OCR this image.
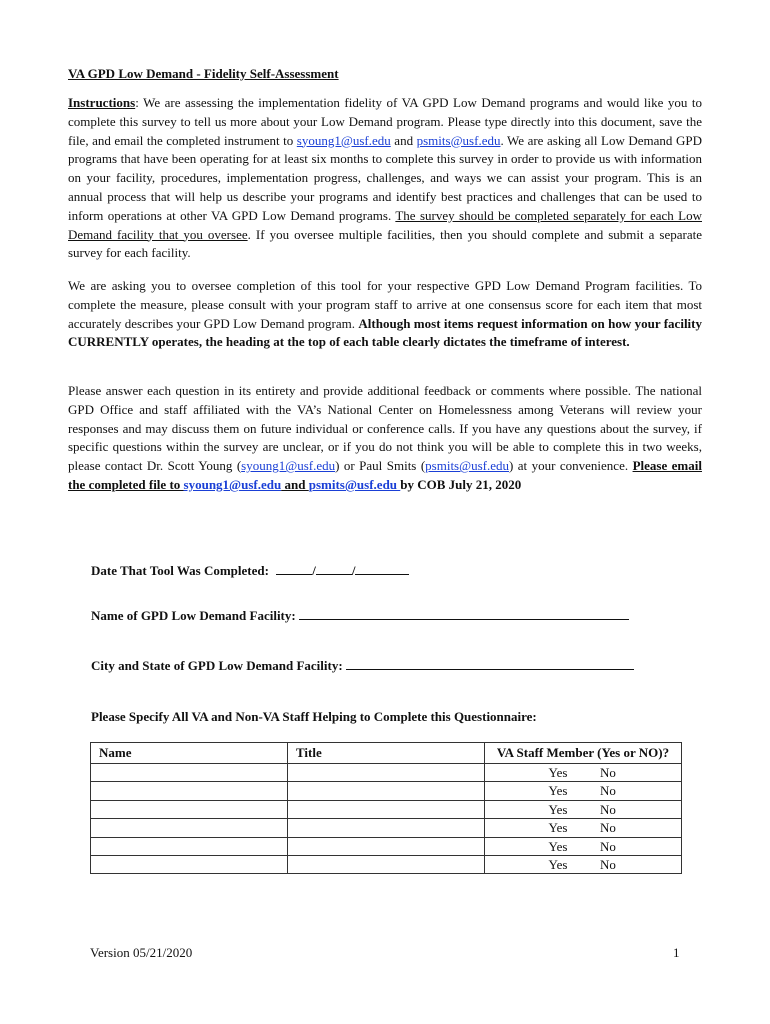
VA GPD Low Demand - Fidelity Self-Assessment
Instructions: We are assessing the implementation fidelity of VA GPD Low Demand programs and would like you to complete this survey to tell us more about your Low Demand program. Please type directly into this document, save the file, and email the completed instrument to syoung1@usf.edu and psmits@usf.edu. We are asking all Low Demand GPD programs that have been operating for at least six months to complete this survey in order to provide us with information on your facility, procedures, implementation progress, challenges, and ways we can assist your program. This is an annual process that will help us describe your programs and identify best practices and challenges that can be used to inform operations at other VA GPD Low Demand programs. The survey should be completed separately for each Low Demand facility that you oversee. If you oversee multiple facilities, then you should complete and submit a separate survey for each facility.
We are asking you to oversee completion of this tool for your respective GPD Low Demand Program facilities. To complete the measure, please consult with your program staff to arrive at one consensus score for each item that most accurately describes your GPD Low Demand program. Although most items request information on how your facility CURRENTLY operates, the heading at the top of each table clearly dictates the timeframe of interest.
Please answer each question in its entirety and provide additional feedback or comments where possible. The national GPD Office and staff affiliated with the VA’s National Center on Homelessness among Veterans will review your responses and may discuss them on future individual or conference calls. If you have any questions about the survey, if specific questions within the survey are unclear, or if you do not think you will be able to complete this in two weeks, please contact Dr. Scott Young (syoung1@usf.edu) or Paul Smits (psmits@usf.edu) at your convenience. Please email the completed file to syoung1@usf.edu and psmits@usf.edu by COB July 21, 2020
Date That Tool Was Completed:	/	/
Name of GPD Low Demand Facility:
City and State of GPD Low Demand Facility:
Please Specify All VA and Non-VA Staff Helping to Complete this Questionnaire:
Name	Title	VA Staff Member (Yes or NO)?
		Yes No
		Yes No
		Yes No
		Yes No
		Yes No
		Yes No
Version 05/21/2020	1
